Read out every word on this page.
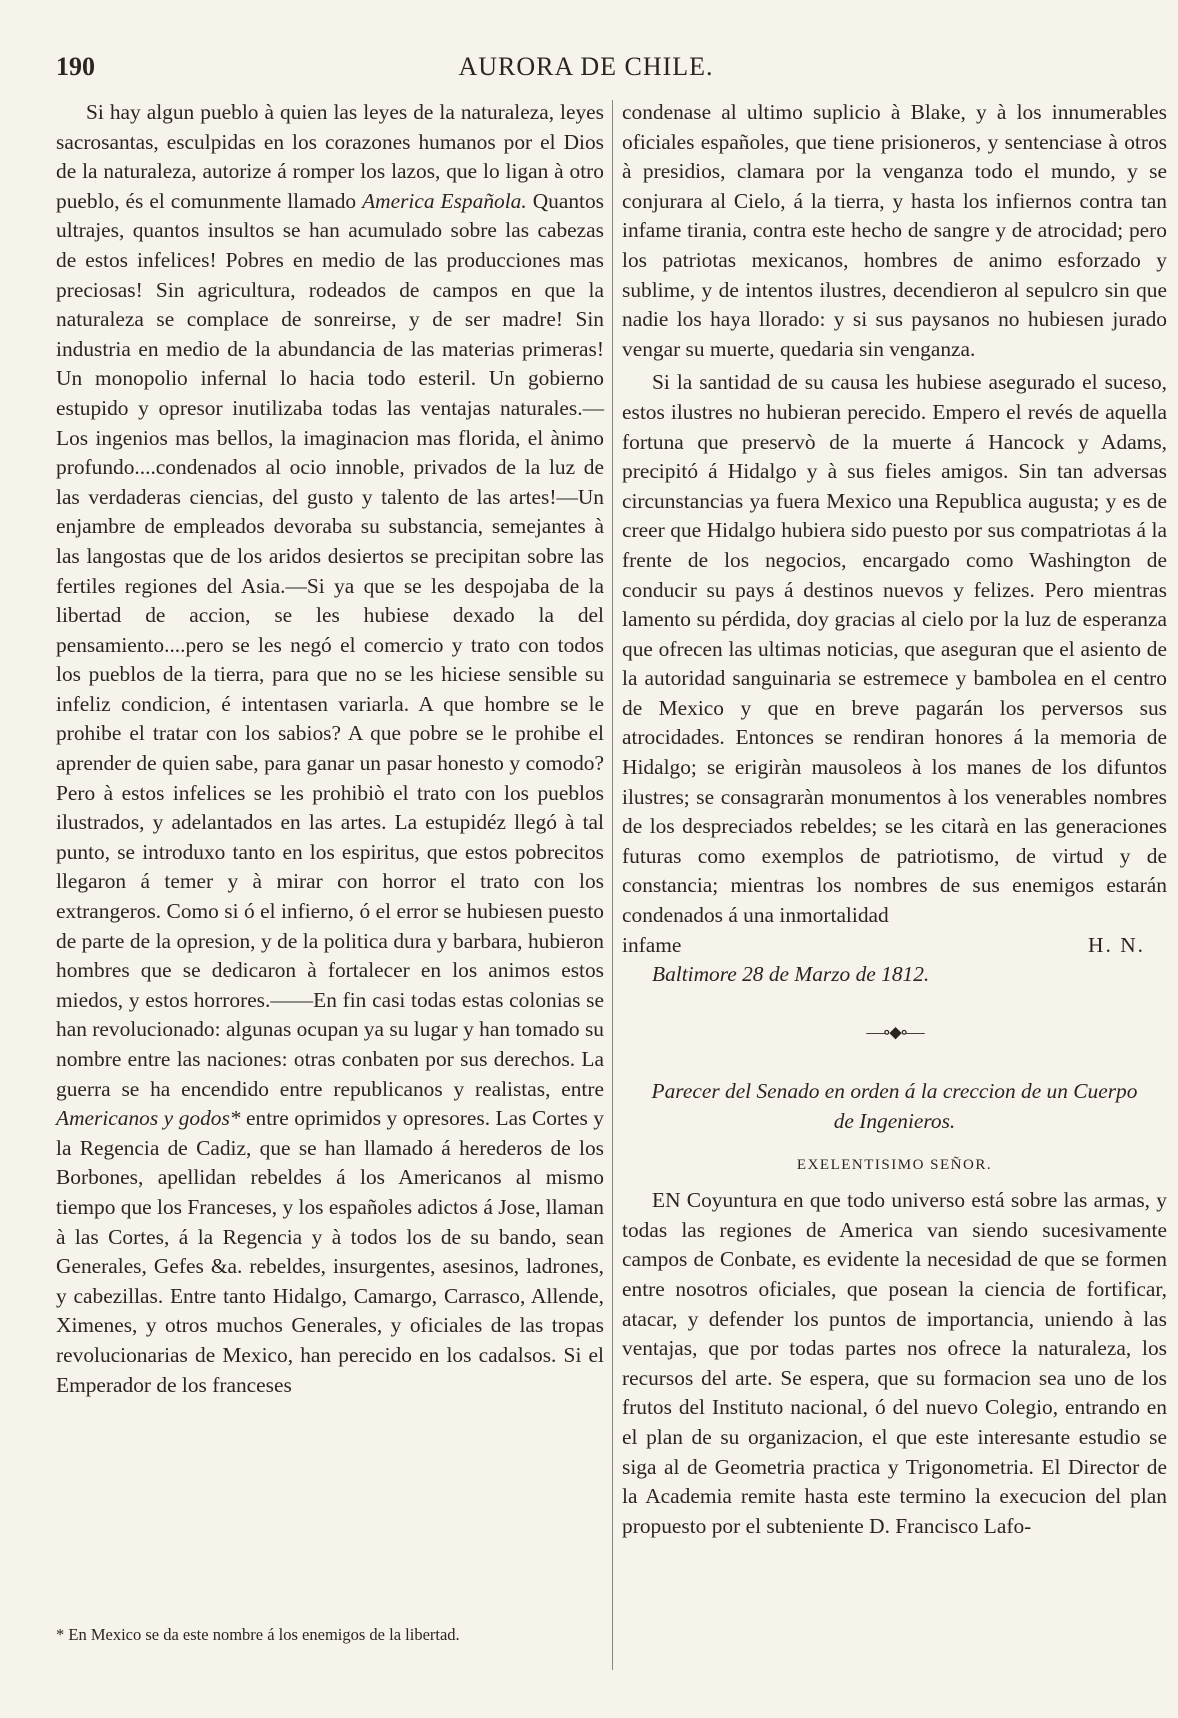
AURORA DE CHILE.
190

Si hay algun pueblo à quien las leyes de la naturaleza, leyes sacrosantas, esculpidas en los corazones humanos por el Dios de la naturaleza, autorize á romper los lazos, que lo ligan à otro pueblo, és el comunmente llamado America Española. Quantos ultrajes, quantos insultos se han acumulado sobre las cabezas de estos infelices! Pobres en medio de las producciones mas preciosas! Sin agricultura, rodeados de campos en que la naturaleza se complace de sonreirse, y de ser madre! Sin industria en medio de la abundancia de las materias primeras! Un monopolio infernal lo hacia todo esteril. Un gobierno estupido y opresor inutilizaba todas las ventajas naturales.—Los ingenios mas bellos, la imaginacion mas florida, el ànimo profundo....condenados al ocio innoble, privados de la luz de las verdaderas ciencias, del gusto y talento de las artes!—Un enjambre de empleados devoraba su substancia, semejantes à las langostas que de los aridos desiertos se precipitan sobre las fertiles regiones del Asia.—Si ya que se les despojaba de la libertad de accion, se les hubiese dexado la del pensamiento....pero se les negó el comercio y trato con todos los pueblos de la tierra, para que no se les hiciese sensible su infeliz condicion, é intentasen variarla. A que hombre se le prohibe el tratar con los sabios? A que pobre se le prohibe el aprender de quien sabe, para ganar un pasar honesto y comodo? Pero à estos infelices se les prohibiò el trato con los pueblos ilustrados, y adelantados en las artes. La estupidéz llegó à tal punto, se introduxo tanto en los espiritus, que estos pobrecitos llegaron á temer y à mirar con horror el trato con los extrangeros. Como si ó el infierno, ó el error se hubiesen puesto de parte de la opresion, y de la politica dura y barbara, hubieron hombres que se dedicaron à fortalecer en los animos estos miedos, y estos horrores.——En fin casi todas estas colonias se han revolucionado: algunas ocupan ya su lugar y han tomado su nombre entre las naciones: otras conbaten por sus derechos. La guerra se ha encendido entre republicanos y realistas, entre Americanos y godos* entre oprimidos y opresores. Las Cortes y la Regencia de Cadiz, que se han llamado á herederos de los Borbones, apellidan rebeldes á los Americanos al mismo tiempo que los Franceses, y los españoles adictos á Jose, llaman à las Cortes, á la Regencia y à todos los de su bando, sean Generales, Gefes &a. rebeldes, insurgentes, asesinos, ladrones, y cabezillas. Entre tanto Hidalgo, Camargo, Carrasco, Allende, Ximenes, y otros muchos Generales, y oficiales de las tropas revolucionarias de Mexico, han perecido en los cadalsos. Si el Emperador de los franceses

condenase al ultimo suplicio à Blake, y à los innumerables oficiales españoles, que tiene prisioneros, y sentenciase à otros à presidios, clamara por la venganza todo el mundo, y se conjurara al Cielo, á la tierra, y hasta los infiernos contra tan infame tirania, contra este hecho de sangre y de atrocidad; pero los patriotas mexicanos, hombres de animo esforzado y sublime, y de intentos ilustres, decendieron al sepulcro sin que nadie los haya llorado: y si sus paysanos no hubiesen jurado vengar su muerte, quedaria sin venganza.

Si la santidad de su causa les hubiese asegurado el suceso, estos ilustres no hubieran perecido. Empero el revés de aquella fortuna que preservò de la muerte á Hancock y Adams, precipitó á Hidalgo y à sus fieles amigos. Sin tan adversas circunstancias ya fuera Mexico una Republica augusta; y es de creer que Hidalgo hubiera sido puesto por sus compatriotas á la frente de los negocios, encargado como Washington de conducir su pays á destinos nuevos y felizes. Pero mientras lamento su pérdida, doy gracias al cielo por la luz de esperanza que ofrecen las ultimas noticias, que aseguran que el asiento de la autoridad sanguinaria se estremece y bambolea en el centro de Mexico y que en breve pagarán los perversos sus atrocidades. Entonces se rendiran honores á la memoria de Hidalgo; se erigiràn mausoleos à los manes de los difuntos ilustres; se consagraràn monumentos à los venerables nombres de los despreciados rebeldes; se les citarà en las generaciones futuras como exemplos de patriotismo, de virtud y de constancia; mientras los nombres de sus enemigos estarán condenados á una inmortalidad

infame	H. N.

Baltimore 28 de Marzo de 1812.

—∘⬥∘—
Parecer del Senado en orden á la creccion de un Cuerpo
de Ingenieros.
EXELENTISIMO SEÑOR.

EN Coyuntura en que todo universo está sobre las armas, y todas las regiones de America van siendo sucesivamente campos de Conbate, es evidente la necesidad de que se formen entre nosotros oficiales, que posean la ciencia de fortificar, atacar, y defender los puntos de importancia, uniendo à las ventajas, que por todas partes nos ofrece la naturaleza, los recursos del arte. Se espera, que su formacion sea uno de los frutos del Instituto nacional, ó del nuevo Colegio, entrando en el plan de su organizacion, el que este interesante estudio se siga al de Geometria practica y Trigonometria. El Director de la Academia remite hasta este termino la execucion del plan propuesto por el subteniente D. Francisco Lafo-

* En Mexico se da este nombre á los enemigos de la libertad.
